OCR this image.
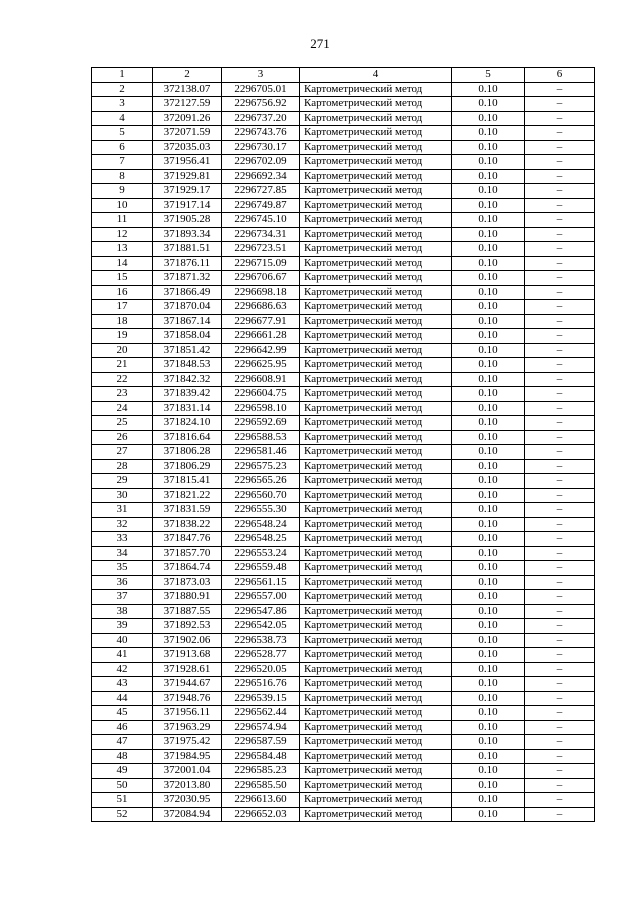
271
1	2	3	4	5	6
2	372138.07	2296705.01	Картометрический метод	0.10	–
3	372127.59	2296756.92	Картометрический метод	0.10	–
4	372091.26	2296737.20	Картометрический метод	0.10	–
5	372071.59	2296743.76	Картометрический метод	0.10	–
6	372035.03	2296730.17	Картометрический метод	0.10	–
7	371956.41	2296702.09	Картометрический метод	0.10	–
8	371929.81	2296692.34	Картометрический метод	0.10	–
9	371929.17	2296727.85	Картометрический метод	0.10	–
10	371917.14	2296749.87	Картометрический метод	0.10	–
11	371905.28	2296745.10	Картометрический метод	0.10	–
12	371893.34	2296734.31	Картометрический метод	0.10	–
13	371881.51	2296723.51	Картометрический метод	0.10	–
14	371876.11	2296715.09	Картометрический метод	0.10	–
15	371871.32	2296706.67	Картометрический метод	0.10	–
16	371866.49	2296698.18	Картометрический метод	0.10	–
17	371870.04	2296686.63	Картометрический метод	0.10	–
18	371867.14	2296677.91	Картометрический метод	0.10	–
19	371858.04	2296661.28	Картометрический метод	0.10	–
20	371851.42	2296642.99	Картометрический метод	0.10	–
21	371848.53	2296625.95	Картометрический метод	0.10	–
22	371842.32	2296608.91	Картометрический метод	0.10	–
23	371839.42	2296604.75	Картометрический метод	0.10	–
24	371831.14	2296598.10	Картометрический метод	0.10	–
25	371824.10	2296592.69	Картометрический метод	0.10	–
26	371816.64	2296588.53	Картометрический метод	0.10	–
27	371806.28	2296581.46	Картометрический метод	0.10	–
28	371806.29	2296575.23	Картометрический метод	0.10	–
29	371815.41	2296565.26	Картометрический метод	0.10	–
30	371821.22	2296560.70	Картометрический метод	0.10	–
31	371831.59	2296555.30	Картометрический метод	0.10	–
32	371838.22	2296548.24	Картометрический метод	0.10	–
33	371847.76	2296548.25	Картометрический метод	0.10	–
34	371857.70	2296553.24	Картометрический метод	0.10	–
35	371864.74	2296559.48	Картометрический метод	0.10	–
36	371873.03	2296561.15	Картометрический метод	0.10	–
37	371880.91	2296557.00	Картометрический метод	0.10	–
38	371887.55	2296547.86	Картометрический метод	0.10	–
39	371892.53	2296542.05	Картометрический метод	0.10	–
40	371902.06	2296538.73	Картометрический метод	0.10	–
41	371913.68	2296528.77	Картометрический метод	0.10	–
42	371928.61	2296520.05	Картометрический метод	0.10	–
43	371944.67	2296516.76	Картометрический метод	0.10	–
44	371948.76	2296539.15	Картометрический метод	0.10	–
45	371956.11	2296562.44	Картометрический метод	0.10	–
46	371963.29	2296574.94	Картометрический метод	0.10	–
47	371975.42	2296587.59	Картометрический метод	0.10	–
48	371984.95	2296584.48	Картометрический метод	0.10	–
49	372001.04	2296585.23	Картометрический метод	0.10	–
50	372013.80	2296585.50	Картометрический метод	0.10	–
51	372030.95	2296613.60	Картометрический метод	0.10	–
52	372084.94	2296652.03	Картометрический метод	0.10	–
